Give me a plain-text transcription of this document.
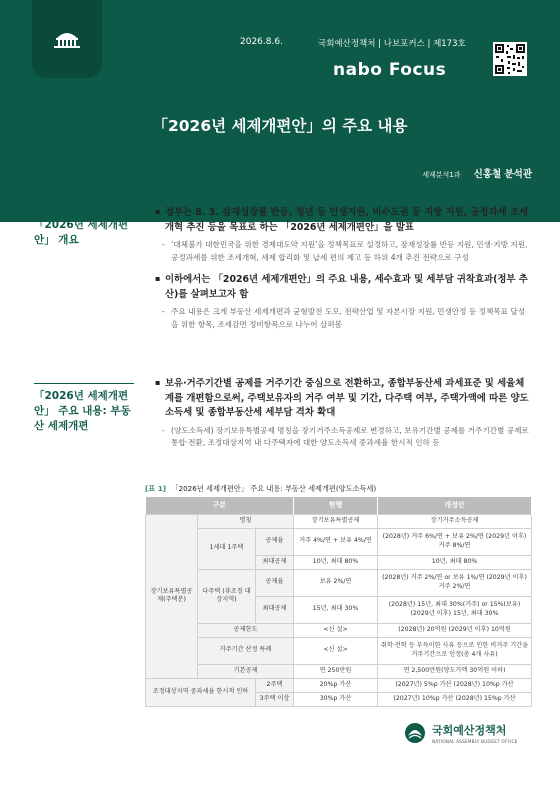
2026.8.6.	국회예산정책처 | 나보포커스 | 제173호
nabo Focus
「2026년 세제개편안」의 주요 내용
세제분석1과 신홍철 분석관
「2026년 세제개편안」 개요
▪ 정부는 8. 3. 잠재성장률 반등, 청년 등 민생지원, 비수도권 등 지방 지원, 공정과세 조세개혁 추진 등을 목표로 하는 「2026년 세제개편안」을 발표
- ‘대체불가 대한민국을 위한 경제대도약 지원’을 정책목표로 설정하고, 잠재성장률 반등 지원, 민생·지방 지원, 공정과세를 위한 조세개혁, 세제 합리화 및 납세 편의 제고 등 하위 4개 추진 전략으로 구성
▪ 이하에서는 「2026년 세제개편안」의 주요 내용, 세수효과 및 세부담 귀착효과(정부 추산)를 살펴보고자 함
- 주요 내용은 크게 부동산 세제개편과 균형발전 도모, 전략산업 및 자본시장 지원, 민생안정 등 정책목표 달성을 위한 항목, 조세감면 정비항목으로 나누어 살펴봄
「2026년 세제개편안」 주요 내용: 부동산 세제개편
▪ 보유·거주기간별 공제를 거주기간 중심으로 전환하고, 종합부동산세 과세표준 및 세율체계를 개편함으로써, 주택보유자의 거주 여부 및 기간, 다주택 여부, 주택가액에 따른 양도소득세 및 종합부동산세 세부담 격차 확대
- (양도소득세) 장기보유특별공제 명칭을 장기거주소득공제로 변경하고, 보유기간별 공제를 거주기간별 공제로 통합·전환, 조정대상지역 내 다주택자에 대한 양도소득세 중과세율 한시적 인하 등
[표 1] 「2026년 세제개편안」 주요 내용: 부동산 세제개편(양도소득세)
구분			현행	개정안
장기보유특별공제(주택분)	명칭		장기보유특별공제	장기거주소득공제
	1세대 1주택	공제율	거주 4%/연 + 보유 4%/연	(2028년) 거주 6%/연 + 보유 2%/연 (2029년 이후) 거주 8%/연
		최대공제	10년, 최대 80%	10년, 최대 80%
	다주택 (非조정 대상지역)	공제율	보유 2%/연	(2028년) 거주 2%/연 or 보유 1%/연 (2029년 이후) 거주 2%/연
		최대공제	15년, 최대 30%	(2028년) 15년, 최대 30%(거주) or 15%(보유) (2029년 이후) 15년, 최대 30%
	공제한도		<신 설>	(2028년) 20억원 (2029년 이후) 10억원
	거주기간 산정 특례		<신 설>	취학·전학 등 부득이한 사유 등으로 인한 비거주 기간을 거주기간으로 인정(총 4개 사유)
	기본공제		연 250만원	연 2,500만원(양도가액 30억원 이하)
조정대상지역 중과세율 한시적 인하		2주택	20%p 가산	(2027년) 5%p 가산 (2028년) 10%p 가산
		3주택 이상	30%p 가산	(2027년) 10%p 가산 (2028년) 15%p 가산
국회예산정책처
NATIONAL ASSEMBLY BUDGET OFFICE
